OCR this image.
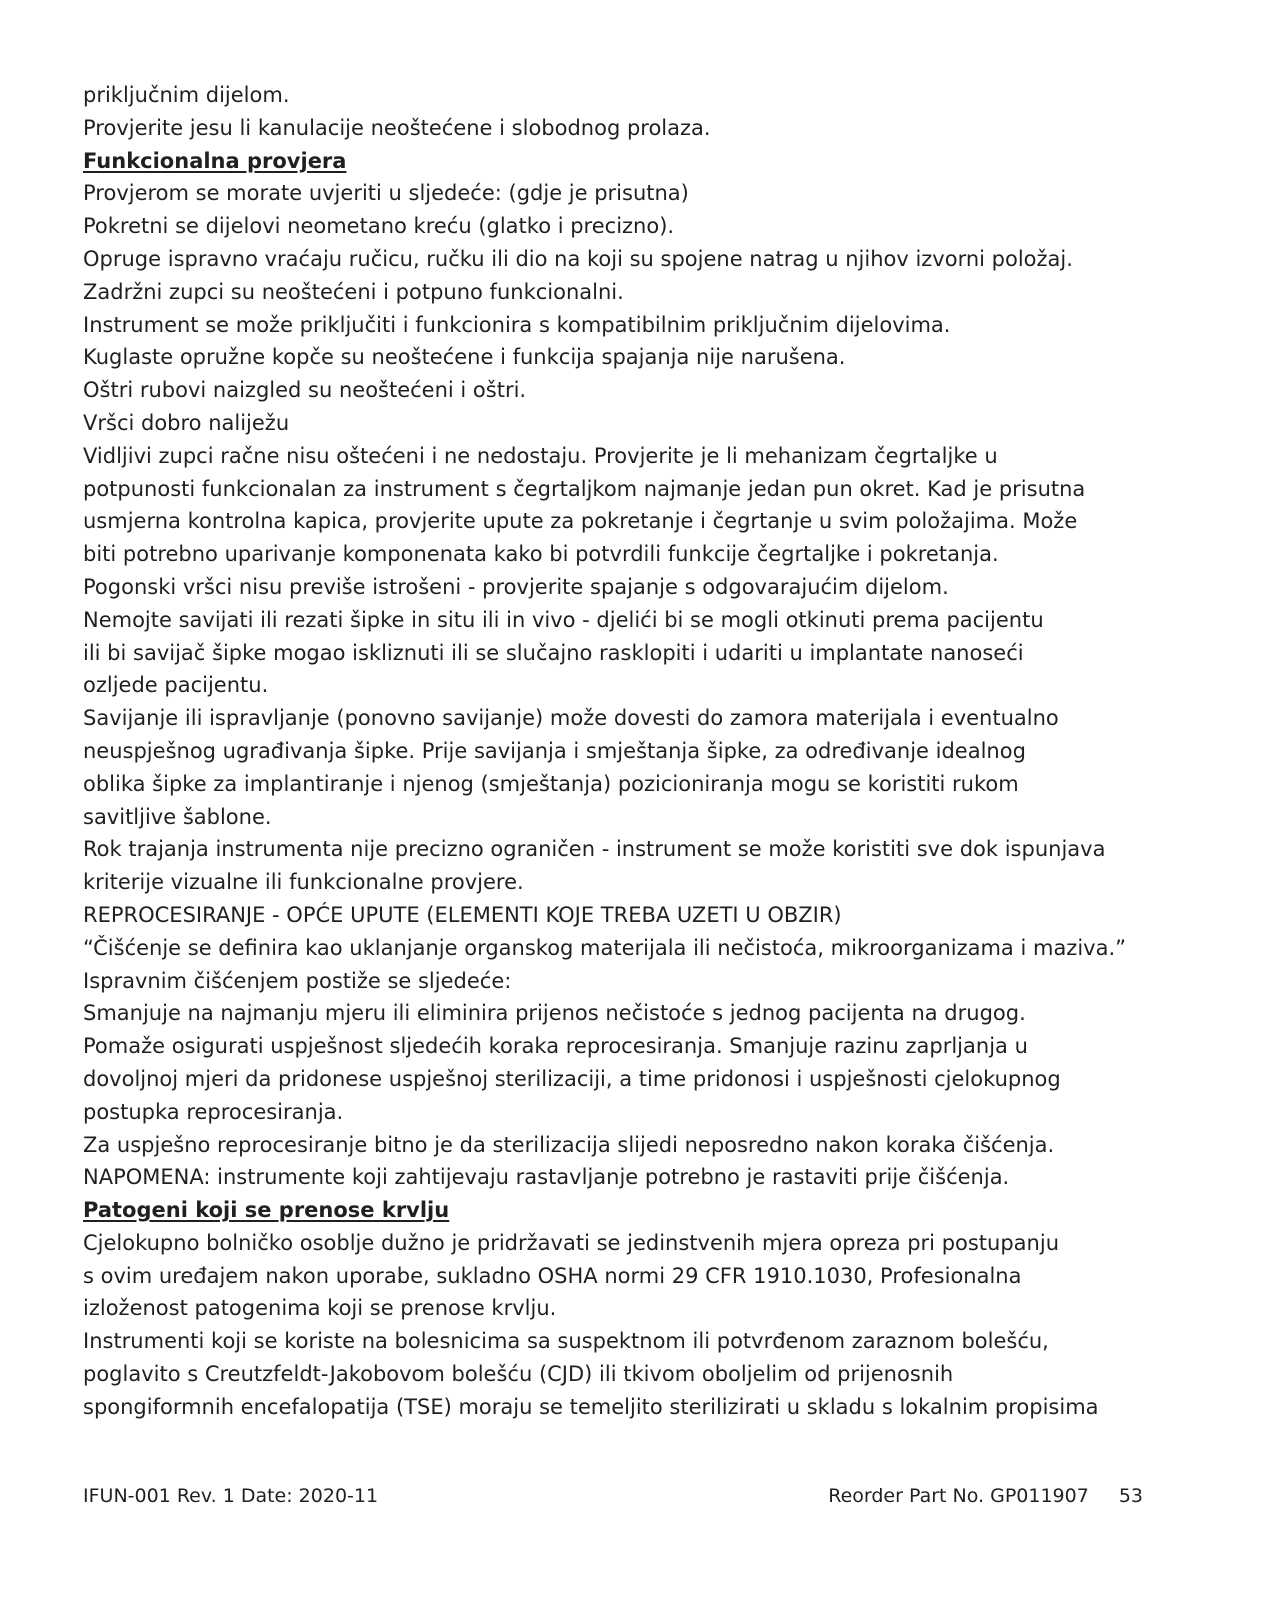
priključnim dijelom.
Provjerite jesu li kanulacije neoštećene i slobodnog prolaza.
Funkcionalna provjera
Provjerom se morate uvjeriti u sljedeće: (gdje je prisutna)
Pokretni se dijelovi neometano kreću (glatko i precizno).
Opruge ispravno vraćaju ručicu, ručku ili dio na koji su spojene natrag u njihov izvorni položaj.
Zadržni zupci su neoštećeni i potpuno funkcionalni.
Instrument se može priključiti i funkcionira s kompatibilnim priključnim dijelovima.
Kuglaste opružne kopče su neoštećene i funkcija spajanja nije narušena.
Oštri rubovi naizgled su neoštećeni i oštri.
Vršci dobro naliježu
Vidljivi zupci račne nisu oštećeni i ne nedostaju. Provjerite je li mehanizam čegrtaljke u
potpunosti funkcionalan za instrument s čegrtaljkom najmanje jedan pun okret. Kad je prisutna
usmjerna kontrolna kapica, provjerite upute za pokretanje i čegrtanje u svim položajima. Može
biti potrebno uparivanje komponenata kako bi potvrdili funkcije čegrtaljke i pokretanja.
Pogonski vršci nisu previše istrošeni - provjerite spajanje s odgovarajućim dijelom.
Nemojte savijati ili rezati šipke in situ ili in vivo - djelići bi se mogli otkinuti prema pacijentu
ili bi savijač šipke mogao iskliznuti ili se slučajno rasklopiti i udariti u implantate nanoseći
ozljede pacijentu.
Savijanje ili ispravljanje (ponovno savijanje) može dovesti do zamora materijala i eventualno
neuspješnog ugrađivanja šipke. Prije savijanja i smještanja šipke, za određivanje idealnog
oblika šipke za implantiranje i njenog (smještanja) pozicioniranja mogu se koristiti rukom
savitljive šablone.
Rok trajanja instrumenta nije precizno ograničen - instrument se može koristiti sve dok ispunjava
kriterije vizualne ili funkcionalne provjere.
REPROCESIRANJE - OPĆE UPUTE (ELEMENTI KOJE TREBA UZETI U OBZIR)
“Čišćenje se definira kao uklanjanje organskog materijala ili nečistoća, mikroorganizama i maziva.”
Ispravnim čišćenjem postiže se sljedeće:
Smanjuje na najmanju mjeru ili eliminira prijenos nečistoće s jednog pacijenta na drugog.
Pomaže osigurati uspješnost sljedećih koraka reprocesiranja. Smanjuje razinu zaprljanja u
dovoljnoj mjeri da pridonese uspješnoj sterilizaciji, a time pridonosi i uspješnosti cjelokupnog
postupka reprocesiranja.
Za uspješno reprocesiranje bitno je da sterilizacija slijedi neposredno nakon koraka čišćenja.
NAPOMENA: instrumente koji zahtijevaju rastavljanje potrebno je rastaviti prije čišćenja.
Patogeni koji se prenose krvlju
Cjelokupno bolničko osoblje dužno je pridržavati se jedinstvenih mjera opreza pri postupanju
s ovim uređajem nakon uporabe, sukladno OSHA normi 29 CFR 1910.1030, Profesionalna
izloženost patogenima koji se prenose krvlju.
Instrumenti koji se koriste na bolesnicima sa suspektnom ili potvrđenom zaraznom bolešću,
poglavito s Creutzfeldt-Jakobovom bolešću (CJD) ili tkivom oboljelim od prijenosnih
spongiformnih encefalopatija (TSE) moraju se temeljito sterilizirati u skladu s lokalnim propisima
IFUN-001 Rev. 1 Date: 2020-11	Reorder Part No. GP011907 53
